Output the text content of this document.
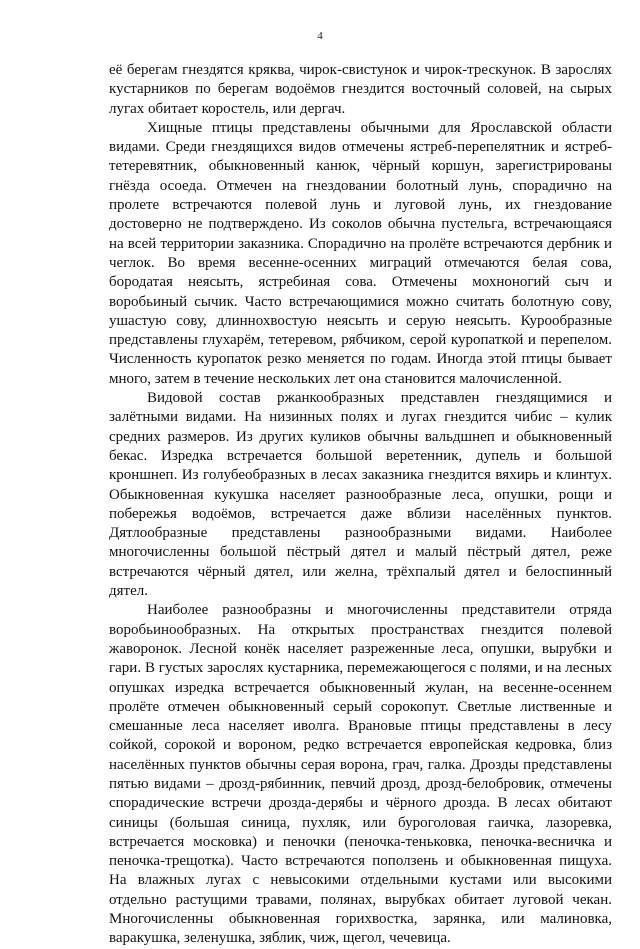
4

её берегам гнездятся кряква, чирок-свистунок и чирок-трескунок. В зарослях кустарников по берегам водоёмов гнездится восточный соловей, на сырых лугах обитает коростель, или дергач.

Хищные птицы представлены обычными для Ярославской области видами. Среди гнездящихся видов отмечены ястреб-перепелятник и ястреб-тетеревятник, обыкновенный канюк, чёрный коршун, зарегистрированы гнёзда осоеда. Отмечен на гнездовании болотный лунь, спорадично на пролете встречаются полевой лунь и луговой лунь, их гнездование достоверно не подтверждено. Из соколов обычна пустельга, встречающаяся на всей территории заказника. Спорадично на пролёте встречаются дербник и чеглок. Во время весенне-осенних миграций отмечаются белая сова, бородатая неясыть, ястребиная сова. Отмечены мохноногий сыч и воробьиный сычик. Часто встречающимися можно считать болотную сову, ушастую сову, длиннохвостую неясыть и серую неясыть. Курообразные представлены глухарём, тетеревом, рябчиком, серой куропаткой и перепелом. Численность куропаток резко меняется по годам. Иногда этой птицы бывает много, затем в течение нескольких лет она становится малочисленной.

Видовой состав ржанкообразных представлен гнездящимися и залётными видами. На низинных полях и лугах гнездится чибис – кулик средних размеров. Из других куликов обычны вальдшнеп и обыкновенный бекас. Изредка встречается большой веретенник, дупель и большой кроншнеп. Из голубеобразных в лесах заказника гнездится вяхирь и клинтух. Обыкновенная кукушка населяет разнообразные леса, опушки, рощи и побережья водоёмов, встречается даже вблизи населённых пунктов. Дятлообразные представлены разнообразными видами. Наиболее многочисленны большой пёстрый дятел и малый пёстрый дятел, реже встречаются чёрный дятел, или желна, трёхпалый дятел и белоспинный дятел.

Наиболее разнообразны и многочисленны представители отряда воробьинообразных. На открытых пространствах гнездится полевой жаворонок. Лесной конёк населяет разреженные леса, опушки, вырубки и гари. В густых зарослях кустарника, перемежающегося с полями, и на лесных опушках изредка встречается обыкновенный жулан, на весенне-осеннем пролёте отмечен обыкновенный серый сорокопут. Светлые лиственные и смешанные леса населяет иволга. Врановые птицы представлены в лесу сойкой, сорокой и вороном, редко встречается европейская кедровка, близ населённых пунктов обычны серая ворона, грач, галка. Дрозды представлены пятью видами – дрозд-рябинник, певчий дрозд, дрозд-белобровик, отмечены спорадические встречи дрозда-дерябы и чёрного дрозда. В лесах обитают синицы (большая синица, пухляк, или буроголовая гаичка, лазоревка, встречается московка) и пеночки (пеночка-теньковка, пеночка-весничка и пеночка-трещотка). Часто встречаются поползень и обыкновенная пищуха. На влажных лугах с невысокими отдельными кустами или высокими отдельно растущими травами, полянах, вырубках обитает луговой чекан. Многочисленны обыкновенная горихвостка, зарянка, или малиновка, варакушка, зеленушка, зяблик, чиж, щегол, чечевица.
